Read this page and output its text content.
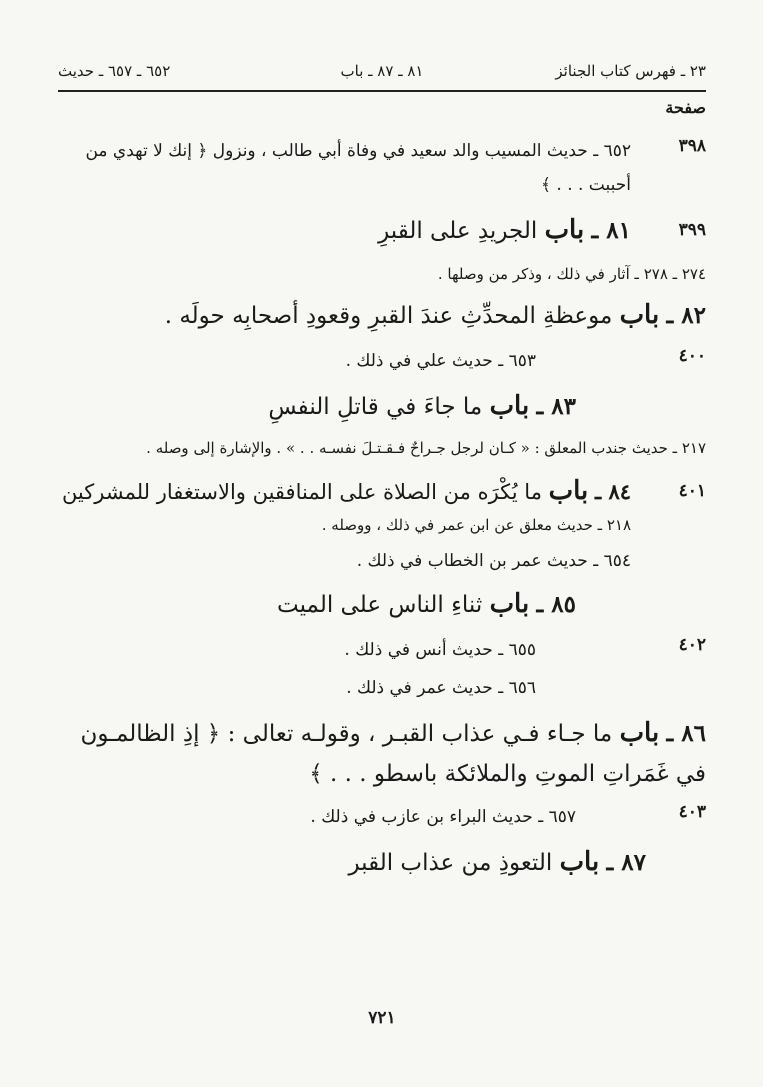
٢٣ ـ فهرس كتاب الجنائز
٨١ ـ ٨٧ ـ باب
٦٥٢ ـ ٦٥٧ ـ حديث
صفحة
٣٩٨
٦٥٢ ـ حديث المسيب والد سعيد في وفاة أبي طالب ، ونزول ﴿ إنك لا تهدي من أحببت . . . ﴾
٣٩٩
٨١ ـ باب الجريدِ على القبرِ
٢٧٤ ـ ٢٧٨ ـ آثار في ذلك ، وذكر من وصلها .
٨٢ ـ باب موعظةِ المحدِّثِ عندَ القبرِ وقعودِ أصحابِه حولَه .
٤٠٠
٦٥٣ ـ حديث علي في ذلك .
٨٣ ـ باب ما جاءَ في قاتلِ النفسِ
٢١٧ ـ حديث جندب المعلق : « كـان لرجل جـراحٌ فـقـتـلَ نفسـه . . » . والإشارة إلى وصله .
٤٠١
٨٤ ـ باب ما يُكْرَه من الصلاة على المنافقين والاستغفار للمشركين
٢١٨ ـ حديث معلق عن ابن عمر في ذلك ، ووصله .
٦٥٤ ـ حديث عمر بن الخطاب في ذلك .
٨٥ ـ باب ثناءِ الناس على الميت
٤٠٢
٦٥٥ ـ حديث أنس في ذلك .
٦٥٦ ـ حديث عمر في ذلك .
٨٦ ـ باب ما جـاء فـي عذاب القبـر ، وقولـه تعالى : ﴿ إذِ الظالمـون في غَمَراتِ الموتِ والملائكة باسطو . . . ﴾
٤٠٣
٦٥٧ ـ حديث البراء بن عازب في ذلك .
٨٧ ـ باب التعوذِ من عذاب القبر
٧٢١
